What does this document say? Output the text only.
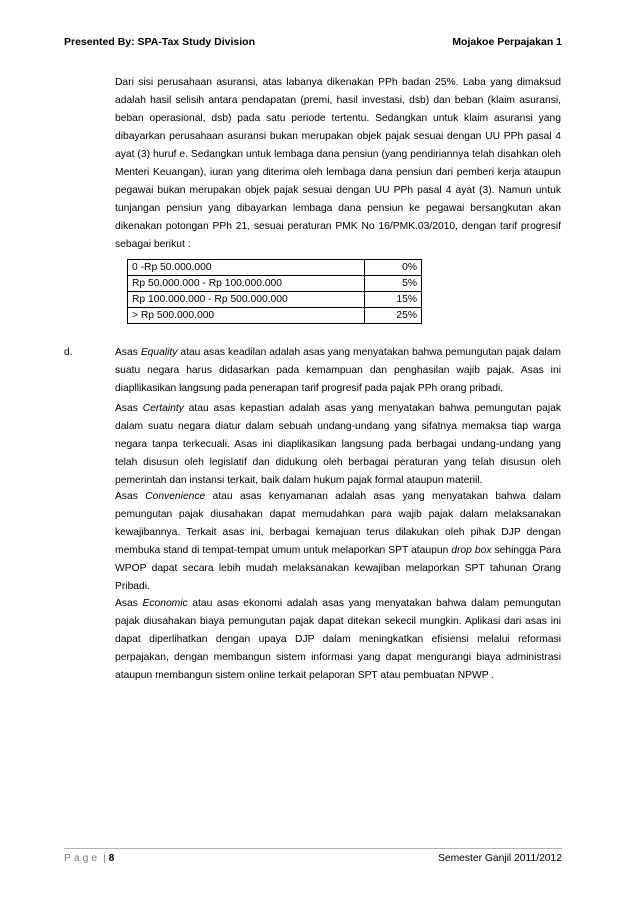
Presented By: SPA-Tax Study Division	Mojakoe Perpajakan 1

Dari sisi perusahaan asuransi, atas labanya dikenakan PPh badan 25%. Laba yang dimaksud adalah hasil selisih antara pendapatan (premi, hasil investasi, dsb) dan beban (klaim asuransi, beban operasional, dsb) pada satu periode tertentu. Sedangkan untuk klaim asuransi yang dibayarkan perusahaan asuransi bukan merupakan objek pajak sesuai dengan UU PPh pasal 4 ayat (3) huruf e. Sedangkan untuk lembaga dana pensiun (yang pendiriannya telah disahkan oleh Menteri Keuangan), iuran yang diterima oleh lembaga dana pensiun dari pemberi kerja ataupun pegawai bukan merupakan objek pajak sesuai dengan UU PPh pasal 4 ayat (3). Namun untuk tunjangan pensiun yang dibayarkan lembaga dana pensiun ke pegawai bersangkutan akan dikenakan potongan PPh 21, sesuai peraturan PMK No 16/PMK.03/2010, dengan tarif progresif sebagai berikut :

0 -Rp 50.000.000	0%
Rp 50.000.000 - Rp 100.000.000	5%
Rp 100.000.000 - Rp 500.000.000	15%
> Rp 500.000.000	25%
d.	Asas Equality atau asas keadilan adalah asas yang menyatakan bahwa pemungutan pajak dalam suatu negara harus didasarkan pada kemampuan dan penghasilan wajib pajak. Asas ini diapllikasikan langsung pada penerapan tarif progresif pada pajak PPh orang pribadi.

Asas Certainty atau asas kepastian adalah asas yang menyatakan bahwa pemungutan pajak dalam suatu negara diatur dalam sebuah undang-undang yang sifatnya memaksa tiap warga negara tanpa terkecuali. Asas ini diaplikasikan langsung pada berbagai undang-undang yang telah disusun oleh legislatif dan didukung oleh berbagai peraturan yang telah disusun oleh pemerintah dan instansi terkait, baik dalam hukum pajak formal ataupun materiil.

Asas Convenience atau asas kenyamanan adalah asas yang menyatakan bahwa dalam pemungutan pajak diusahakan dapat memudahkan para wajib pajak dalam melaksanakan kewajibannya. Terkait asas ini, berbagai kemajuan terus dilakukan oleh pihak DJP dengan membuka stand di tempat-tempat umum untuk melaporkan SPT ataupun drop box sehingga Para WPOP dapat secara lebih mudah melaksanakan kewajiban melaporkan SPT tahunan Orang Pribadi.

Asas Economic atau asas ekonomi adalah asas yang menyatakan bahwa dalam pemungutan pajak diusahakan biaya pemungutan pajak dapat ditekan sekecil mungkin. Aplikasi dari asas ini dapat diperlihatkan dengan upaya DJP dalam meningkatkan efisiensi melalui reformasi perpajakan, dengan membangun sistem informasi yang dapat mengurangi biaya administrasi ataupun membangun sistem online terkait pelaporan SPT atau pembuatan NPWP .

Page | 8	Semester Ganjil 2011/2012
